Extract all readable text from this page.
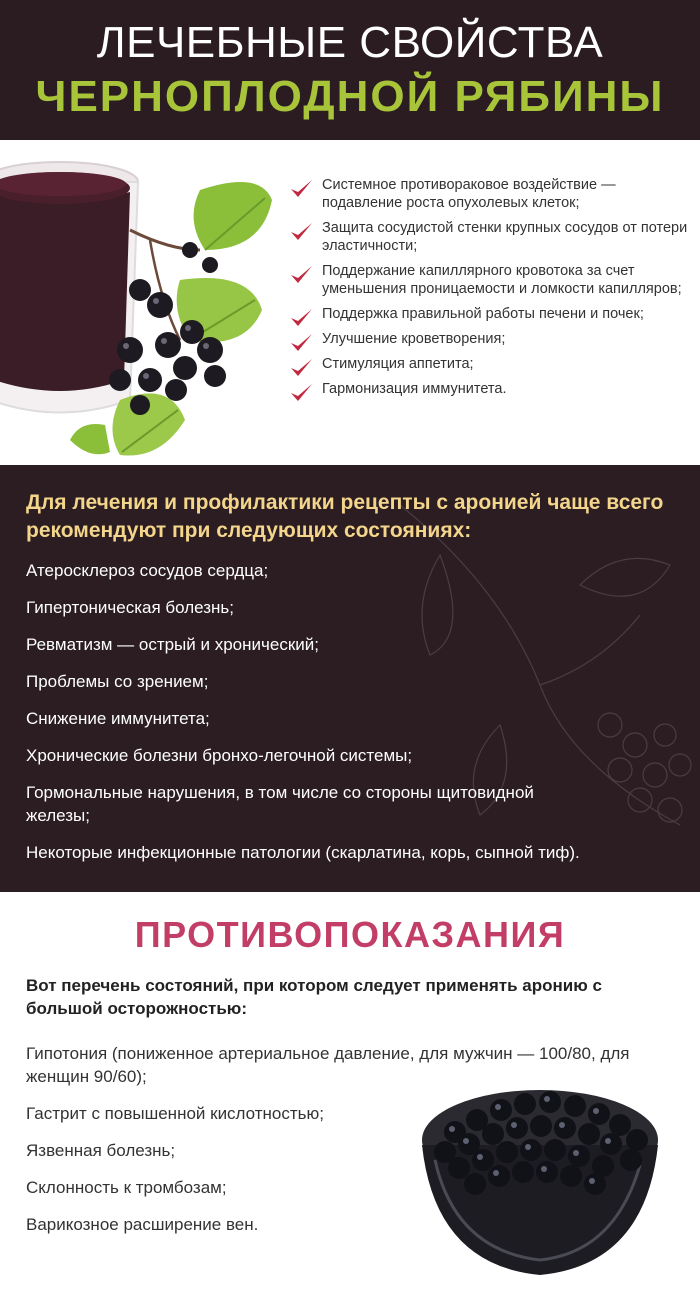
ЛЕЧЕБНЫЕ СВОЙСТВА
ЧЕРНОПЛОДНОЙ РЯБИНЫ
Системное противораковое воздействие — подавление роста опухолевых клеток;
Защита сосудистой стенки крупных сосудов от потери эластичности;
Поддержание капиллярного кровотока за счет уменьшения проницаемости и ломкости капилляров;
Поддержка правильной работы печени и почек;
Улучшение кроветворения;
Стимуляция аппетита;
Гармонизация иммунитета.
Для лечения и профилактики рецепты с аронией чаще всего рекомендуют при следующих состояниях:
Атеросклероз сосудов сердца;
Гипертоническая болезнь;
Ревматизм — острый и хронический;
Проблемы со зрением;
Снижение иммунитета;
Хронические болезни бронхо-легочной системы;
Гормональные нарушения, в том числе со стороны щитовидной железы;
Некоторые инфекционные патологии (скарлатина, корь, сыпной тиф).
ПРОТИВОПОКАЗАНИЯ
Вот перечень состояний, при котором следует применять аронию с большой осторожностью:
Гипотония (пониженное артериальное давление, для мужчин — 100/80, для женщин 90/60);
Гастрит с повышенной кислотностью;
Язвенная болезнь;
Склонность к тромбозам;
Варикозное расширение вен.
